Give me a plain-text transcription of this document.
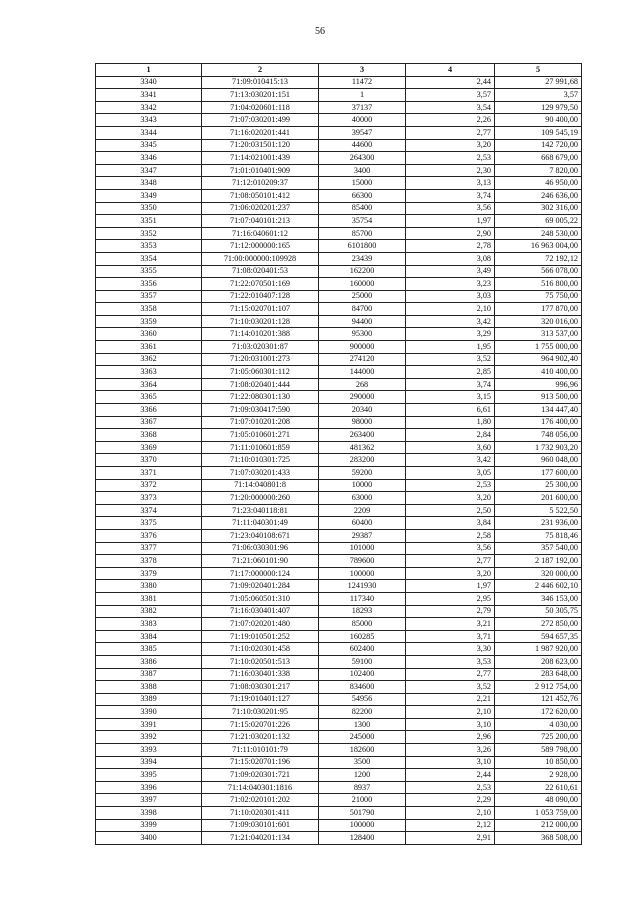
56
1	2	3	4	5
3340	71:09:010415:13	11472	2,44	27 991,68
3341	71:13:030201:151	1	3,57	3,57
3342	71:04:020601:118	37137	3,54	129 979,50
3343	71:07:030201:499	40000	2,26	90 400,00
3344	71:16:020201:441	39547	2,77	109 545,19
3345	71:20:031501:120	44600	3,20	142 720,00
3346	71:14:021001:439	264300	2,53	668 679,00
3347	71:01:010401:909	3400	2,30	7 820,00
3348	71:12:010209:37	15000	3,13	46 950,00
3349	71:08:050101:412	66300	3,74	246 636,00
3350	71:06:020201:237	85400	3,56	302 316,00
3351	71:07:040101:213	35754	1,97	69 005,22
3352	71:16:040601:12	85700	2,90	248 530,00
3353	71:12:000000:165	6101800	2,78	16 963 004,00
3354	71:00:000000:109928	23439	3,08	72 192,12
3355	71:08:020401:53	162200	3,49	566 078,00
3356	71:22:070501:169	160000	3,23	516 800,00
3357	71:22:010407:128	25000	3,03	75 750,00
3358	71:15:020701:107	84700	2,10	177 870,00
3359	71:10:030201:128	94400	3,42	320 016,00
3360	71:14:010201:388	95300	3,29	313 537,00
3361	71:03:020301:87	900000	1,95	1 755 000,00
3362	71:20:031001:273	274120	3,52	964 902,40
3363	71:05:060301:112	144000	2,85	410 400,00
3364	71:08:020401:444	268	3,74	996,96
3365	71:22:080301:130	290000	3,15	913 500,00
3366	71:09:030417:590	20340	6,61	134 447,40
3367	71:07:010201:208	98000	1,80	176 400,00
3368	71:05:010601:271	263400	2,84	748 056,00
3369	71:11:010601:859	481362	3,60	1 732 903,20
3370	71:10:010301:725	283200	3,42	960 048,00
3371	71:07:030201:433	59200	3,05	177 600,00
3372	71:14:040801:8	10000	2,53	25 300,00
3373	71:20:000000:260	63000	3,20	201 600,00
3374	71:23:040118:81	2209	2,50	5 522,50
3375	71:11:040301:49	60400	3,84	231 936,00
3376	71:23:040108:671	29387	2,58	75 818,46
3377	71:06:030301:96	101000	3,56	357 540,00
3378	71:21:060101:90	789600	2,77	2 187 192,00
3379	71:17:000000:124	100000	3,20	320 000,00
3380	71:09:020401:284	1241930	1,97	2 446 602,10
3381	71:05:060501:310	117340	2,95	346 153,00
3382	71:16:030401:407	18293	2,79	50 305,75
3383	71:07:020201:480	85000	3,21	272 850,00
3384	71:19:010501:252	160285	3,71	594 657,35
3385	71:10:020301:458	602400	3,30	1 987 920,00
3386	71:10:020501:513	59100	3,53	208 623,00
3387	71:16:030401:338	102400	2,77	283 648,00
3388	71:08:030301:217	834600	3,52	2 912 754,00
3389	71:19:010401:127	54956	2,21	121 452,76
3390	71:10:030201:95	82200	2,10	172 620,00
3391	71:15:020701:226	1300	3,10	4 030,00
3392	71:21:030201:132	245000	2,96	725 200,00
3393	71:11:010101:79	182600	3,26	589 798,00
3394	71:15:020701:196	3500	3,10	10 850,00
3395	71:09:020301:721	1200	2,44	2 928,00
3396	71:14:040301:1816	8937	2,53	22 610,61
3397	71:02:020101:202	21000	2,29	48 090,00
3398	71:10:020301:411	501790	2,10	1 053 759,00
3399	71:09:030101:601	100000	2,12	212 000,00
3400	71:21:040201:134	128400	2,91	368 508,00
